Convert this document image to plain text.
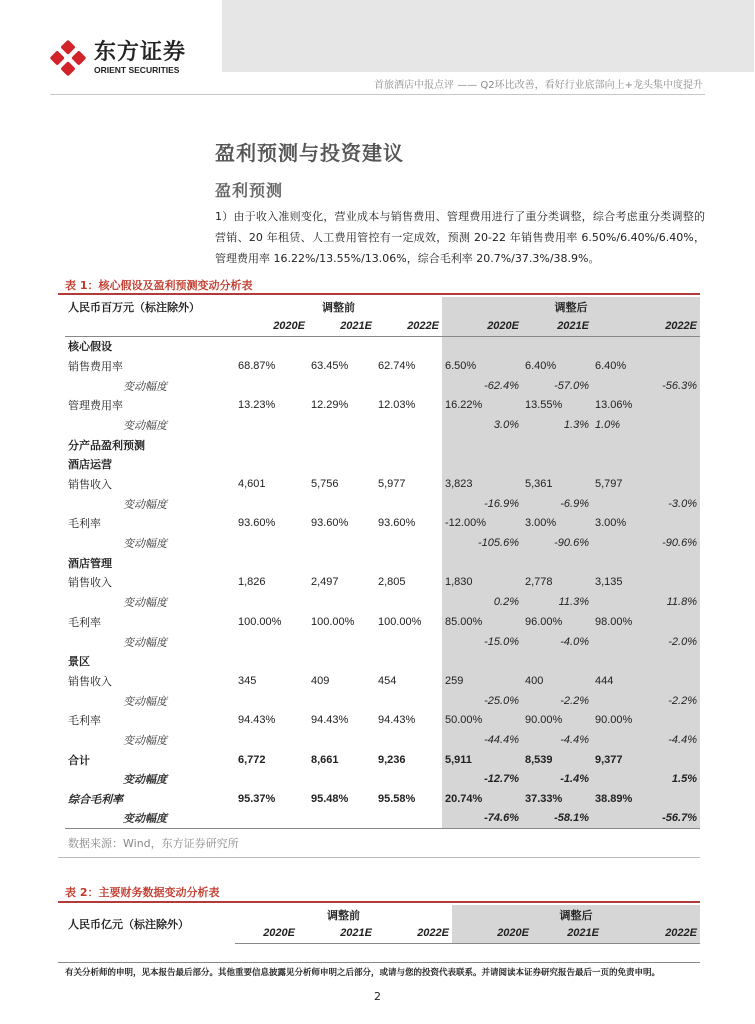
东方证券
ORIENT SECURITIES
首旅酒店中报点评 —— Q2环比改善，看好行业底部向上+龙头集中度提升
盈利预测与投资建议
盈利预测
1）由于收入准则变化，营业成本与销售费用、管理费用进行了重分类调整，综合考虑重分类调整的营销、20 年租赁、人工费用管控有一定成效，预测 20-22 年销售费用率 6.50%/6.40%/6.40%，管理费用率 16.22%/13.55%/13.06%，综合毛利率 20.7%/37.3%/38.9%。
表 1：核心假设及盈利预测变动分析表
人民币百万元（标注除外）	调整前			调整后		
	2020E	2021E	2022E	2020E	2021E	2022E
核心假设						
销售费用率	68.87%	63.45%	62.74%	6.50%	6.40%	6.40%
变动幅度				-62.4%	-57.0%	-56.3%
管理费用率	13.23%	12.29%	12.03%	16.22%	13.55%	13.06%
变动幅度				3.0%	1.3%	1.0%
分产品盈利预测						
酒店运营						
销售收入	4,601	5,756	5,977	3,823	5,361	5,797
变动幅度				-16.9%	-6.9%	-3.0%
毛利率	93.60%	93.60%	93.60%	-12.00%	3.00%	3.00%
变动幅度				-105.6%	-90.6%	-90.6%
酒店管理						
销售收入	1,826	2,497	2,805	1,830	2,778	3,135
变动幅度				0.2%	11.3%	11.8%
毛利率	100.00%	100.00%	100.00%	85.00%	96.00%	98.00%
变动幅度				-15.0%	-4.0%	-2.0%
景区						
销售收入	345	409	454	259	400	444
变动幅度				-25.0%	-2.2%	-2.2%
毛利率	94.43%	94.43%	94.43%	50.00%	90.00%	90.00%
变动幅度				-44.4%	-4.4%	-4.4%
合计	6,772	8,661	9,236	5,911	8,539	9,377
变动幅度				-12.7%	-1.4%	1.5%
综合毛利率	95.37%	95.48%	95.58%	20.74%	37.33%	38.89%
变动幅度				-74.6%	-58.1%	-56.7%
数据来源：Wind，东方证券研究所
表 2：主要财务数据变动分析表
人民币亿元（标注除外）	调整前			调整后		
	2020E	2021E	2022E	2020E	2021E	2022E
有关分析师的申明，见本报告最后部分。其他重要信息披露见分析师申明之后部分，或请与您的投资代表联系。并请阅读本证券研究报告最后一页的免责申明。
2
